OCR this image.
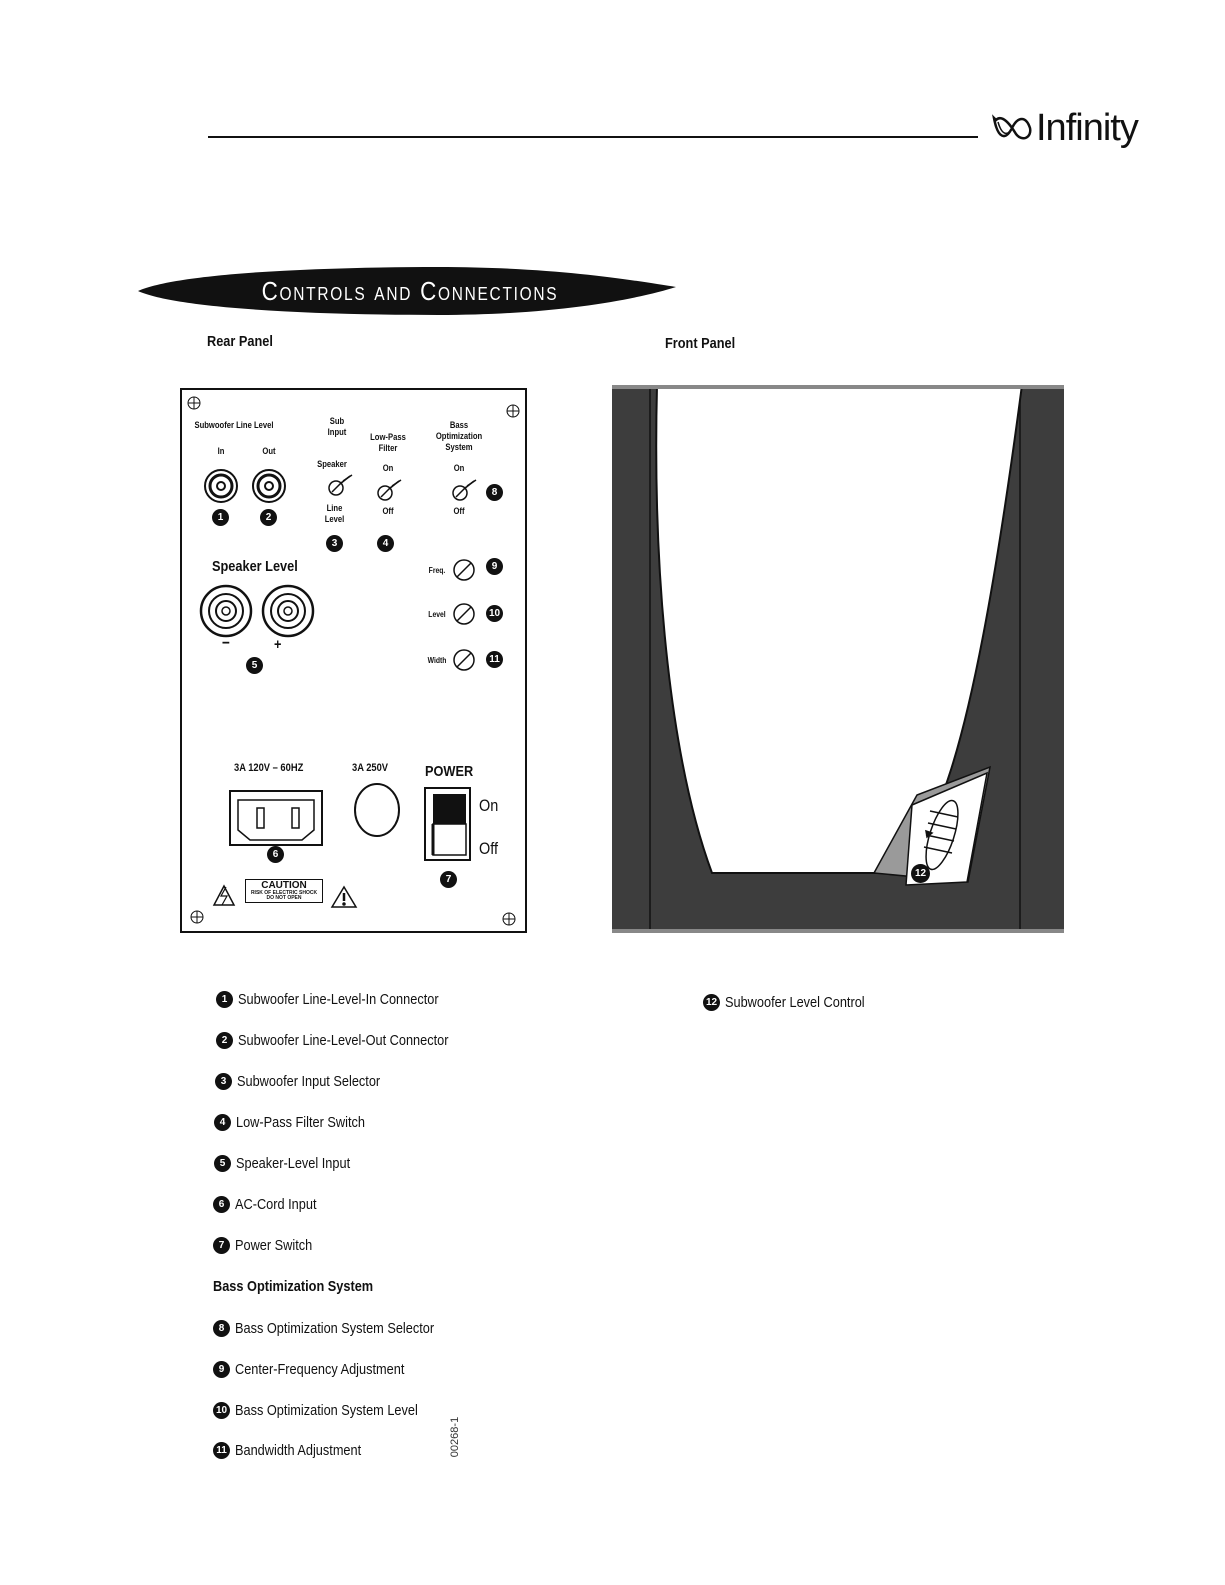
Infinity
Controls and Connections
Rear Panel	Front Panel
Subwoofer Line Level
In	Out
Sub
Input
Speaker
Line
Level
Low-Pass
Filter
On
Off
Bass
Optimization
System
On
Off
Speaker Level
−	+
Freq.
Level
Width
3A 120V – 60HZ	3A 250V POWER
On
Off
CAUTION
RISK OF ELECTRIC SHOCK
DO NOT OPEN
1	2
3	4
5
6
7
8
9
10
11
12
1 Subwoofer Line-Level-In Connector
2 Subwoofer Line-Level-Out Connector
3 Subwoofer Input Selector
4 Low-Pass Filter Switch
5 Speaker-Level Input
6 AC-Cord Input
7 Power Switch
Bass Optimization System
8 Bass Optimization System Selector
9 Center-Frequency Adjustment
10 Bass Optimization System Level
11 Bandwidth Adjustment
12 Subwoofer Level Control
00268-1
